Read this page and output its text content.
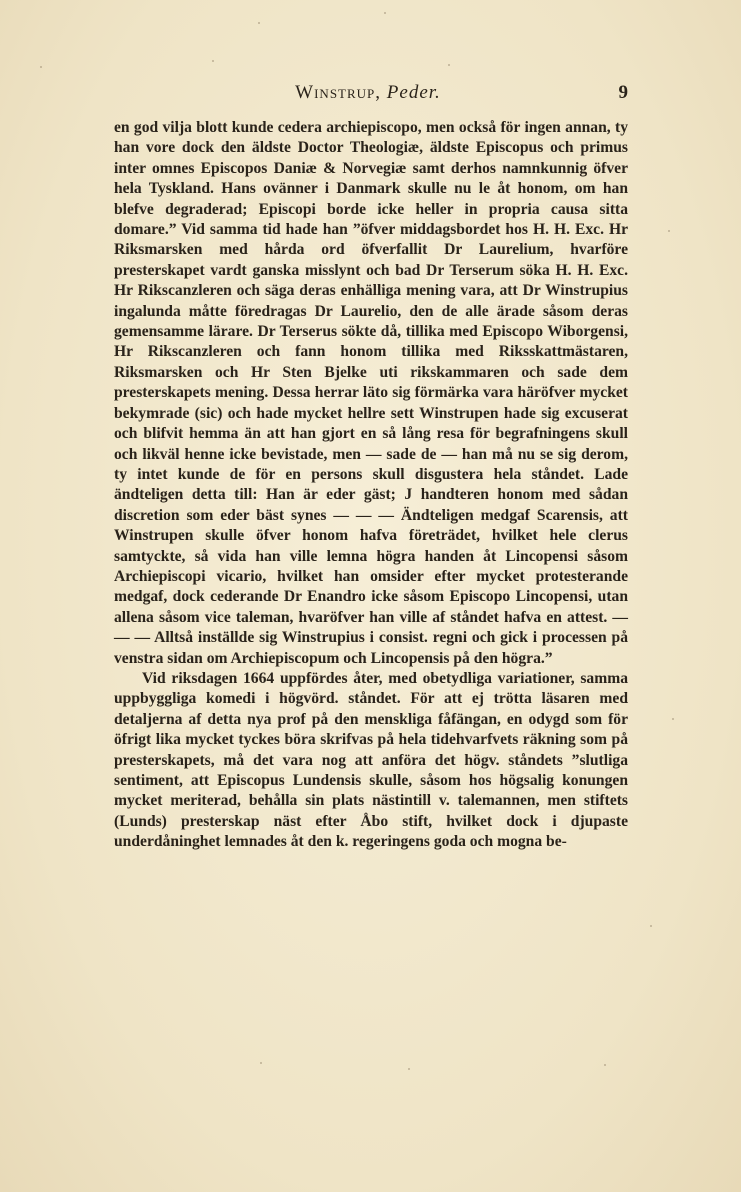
Winstrup, Peder.	9

en god vilja blott kunde cedera archiepiscopo, men också för ingen annan, ty han vore dock den äldste Doctor Theologiæ, äldste Episcopus och primus inter omnes Episcopos Daniæ & Norvegiæ samt derhos namnkunnig öfver hela Tyskland. Hans ovänner i Danmark skulle nu le åt honom, om han blefve degraderad; Episcopi borde icke heller in propria causa sitta domare.” Vid samma tid hade han ”öfver middagsbordet hos H. H. Exc. Hr Riksmarsken med hårda ord öfverfallit Dr Laurelium, hvarföre presterskapet vardt ganska misslynt och bad Dr Terserum söka H. H. Exc. Hr Rikscanzleren och säga deras enhälliga mening vara, att Dr Winstrupius ingalunda måtte föredragas Dr Laurelio, den de alle ärade såsom deras gemensamme lärare. Dr Terserus sökte då, tillika med Episcopo Wiborgensi, Hr Rikscanzleren och fann honom tillika med Riksskattmästaren, Riksmarsken och Hr Sten Bjelke uti rikskammaren och sade dem presterskapets mening. Dessa herrar läto sig förmärka vara häröfver mycket bekymrade (sic) och hade mycket hellre sett Winstrupen hade sig excuserat och blifvit hemma än att han gjort en så lång resa för begrafningens skull och likväl henne icke bevistade, men — sade de — han må nu se sig derom, ty intet kunde de för en persons skull disgustera hela ståndet. Lade ändteligen detta till: Han är eder gäst; J handteren honom med sådan discretion som eder bäst synes — — — Ändteligen medgaf Scarensis, att Winstrupen skulle öfver honom hafva företrädet, hvilket hele clerus samtyckte, så vida han ville lemna högra handen åt Lincopensi såsom Archiepiscopi vicario, hvilket han omsider efter mycket protesterande medgaf, dock cederande Dr Enandro icke såsom Episcopo Lincopensi, utan allena såsom vice taleman, hvaröfver han ville af ståndet hafva en attest. — — — Alltså inställde sig Winstrupius i consist. regni och gick i processen på venstra sidan om Archiepiscopum och Lincopensis på den högra.”

Vid riksdagen 1664 uppfördes åter, med obetydliga variationer, samma uppbyggliga komedi i högvörd. ståndet. För att ej trötta läsaren med detaljerna af detta nya prof på den menskliga fåfängan, en odygd som för öfrigt lika mycket tyckes böra skrifvas på hela tidehvarfvets räkning som på presterskapets, må det vara nog att anföra det högv. ståndets ”slutliga sentiment, att Episcopus Lundensis skulle, såsom hos högsalig konungen mycket meriterad, behålla sin plats nästintill v. talemannen, men stiftets (Lunds) presterskap näst efter Åbo stift, hvilket dock i djupaste underdåninghet lemnades åt den k. regeringens goda och mogna be-
